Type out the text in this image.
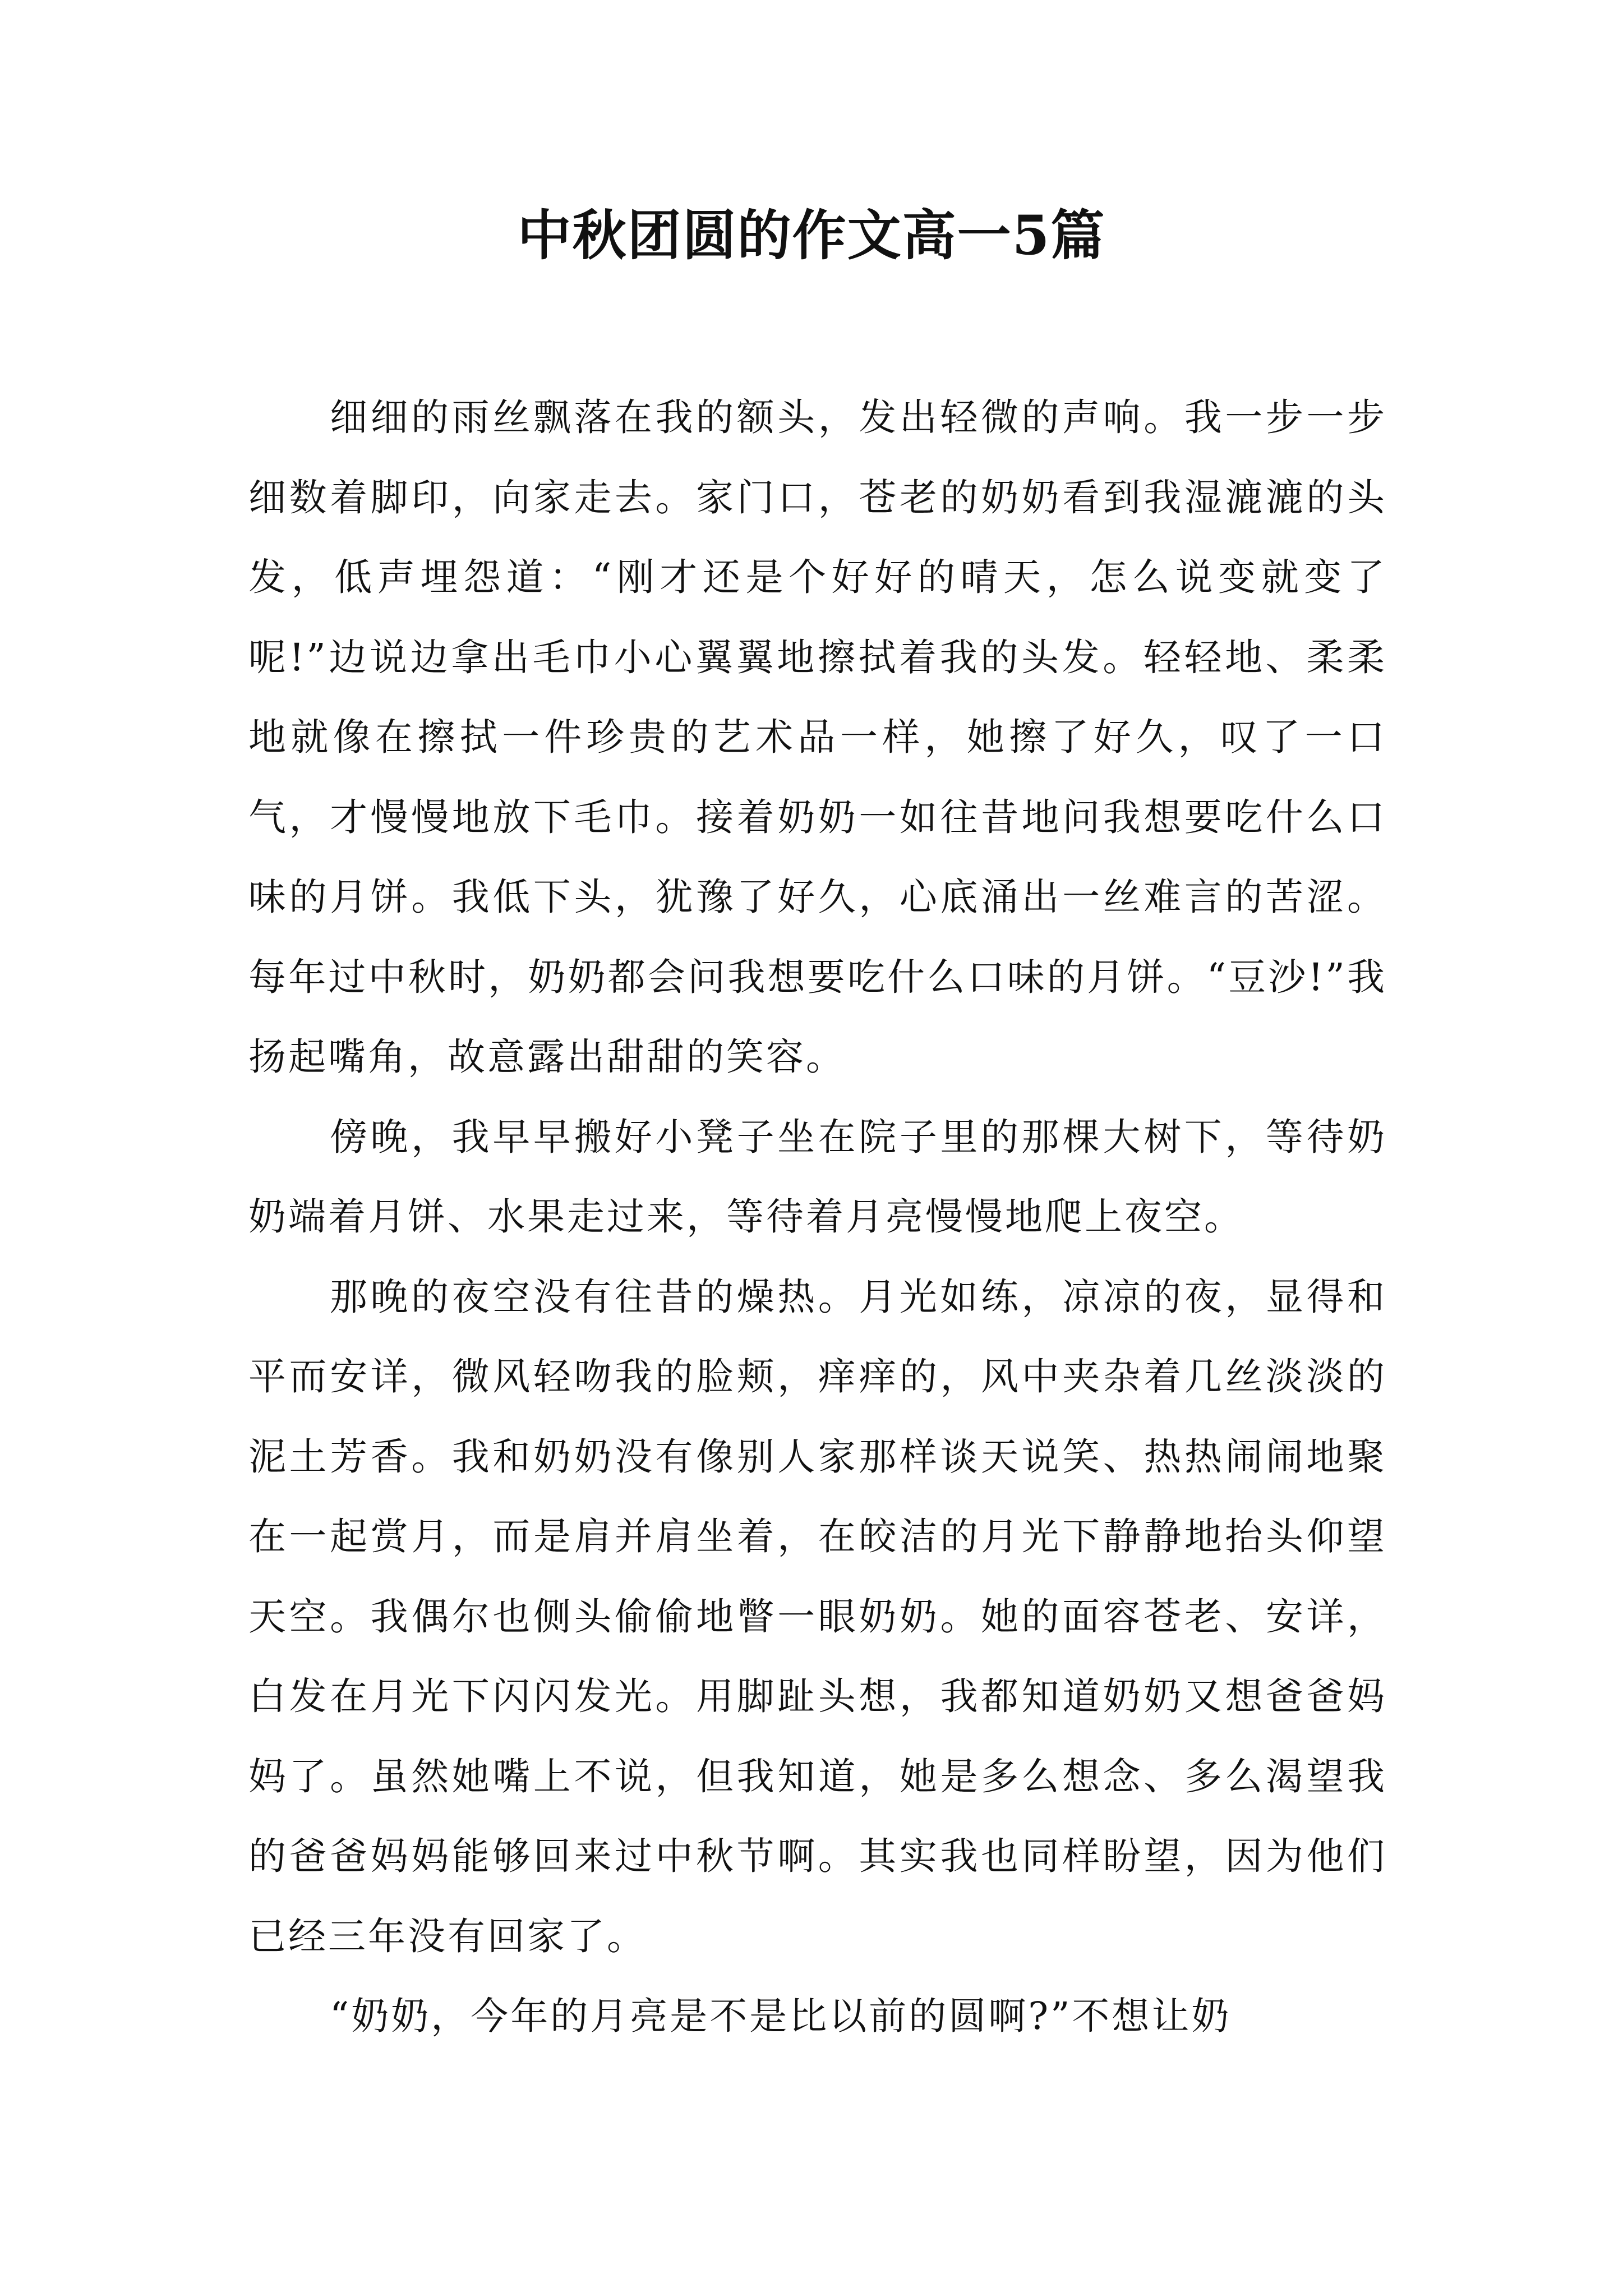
中秋团圆的作文高一5篇

细细的雨丝飘落在我的额头，发出轻微的声响。我一步一步细数着脚印，向家走去。家门口，苍老的奶奶看到我湿漉漉的头发，低声埋怨道：“刚才还是个好好的晴天，怎么说变就变了呢!”边说边拿出毛巾小心翼翼地擦拭着我的头发。轻轻地、柔柔地就像在擦拭一件珍贵的艺术品一样，她擦了好久，叹了一口气，才慢慢地放下毛巾。接着奶奶一如往昔地问我想要吃什么口味的月饼。我低下头，犹豫了好久，心底涌出一丝难言的苦涩。每年过中秋时，奶奶都会问我想要吃什么口味的月饼。“豆沙!”我扬起嘴角，故意露出甜甜的笑容。

傍晚，我早早搬好小凳子坐在院子里的那棵大树下，等待奶奶端着月饼、水果走过来，等待着月亮慢慢地爬上夜空。

那晚的夜空没有往昔的燥热。月光如练，凉凉的夜，显得和平而安详，微风轻吻我的脸颊，痒痒的，风中夹杂着几丝淡淡的泥土芳香。我和奶奶没有像别人家那样谈天说笑、热热闹闹地聚在一起赏月，而是肩并肩坐着，在皎洁的月光下静静地抬头仰望天空。我偶尔也侧头偷偷地瞥一眼奶奶。她的面容苍老、安详，白发在月光下闪闪发光。用脚趾头想，我都知道奶奶又想爸爸妈妈了。虽然她嘴上不说，但我知道，她是多么想念、多么渴望我的爸爸妈妈能够回来过中秋节啊。其实我也同样盼望，因为他们已经三年没有回家了。

“奶奶，今年的月亮是不是比以前的圆啊?”不想让奶
